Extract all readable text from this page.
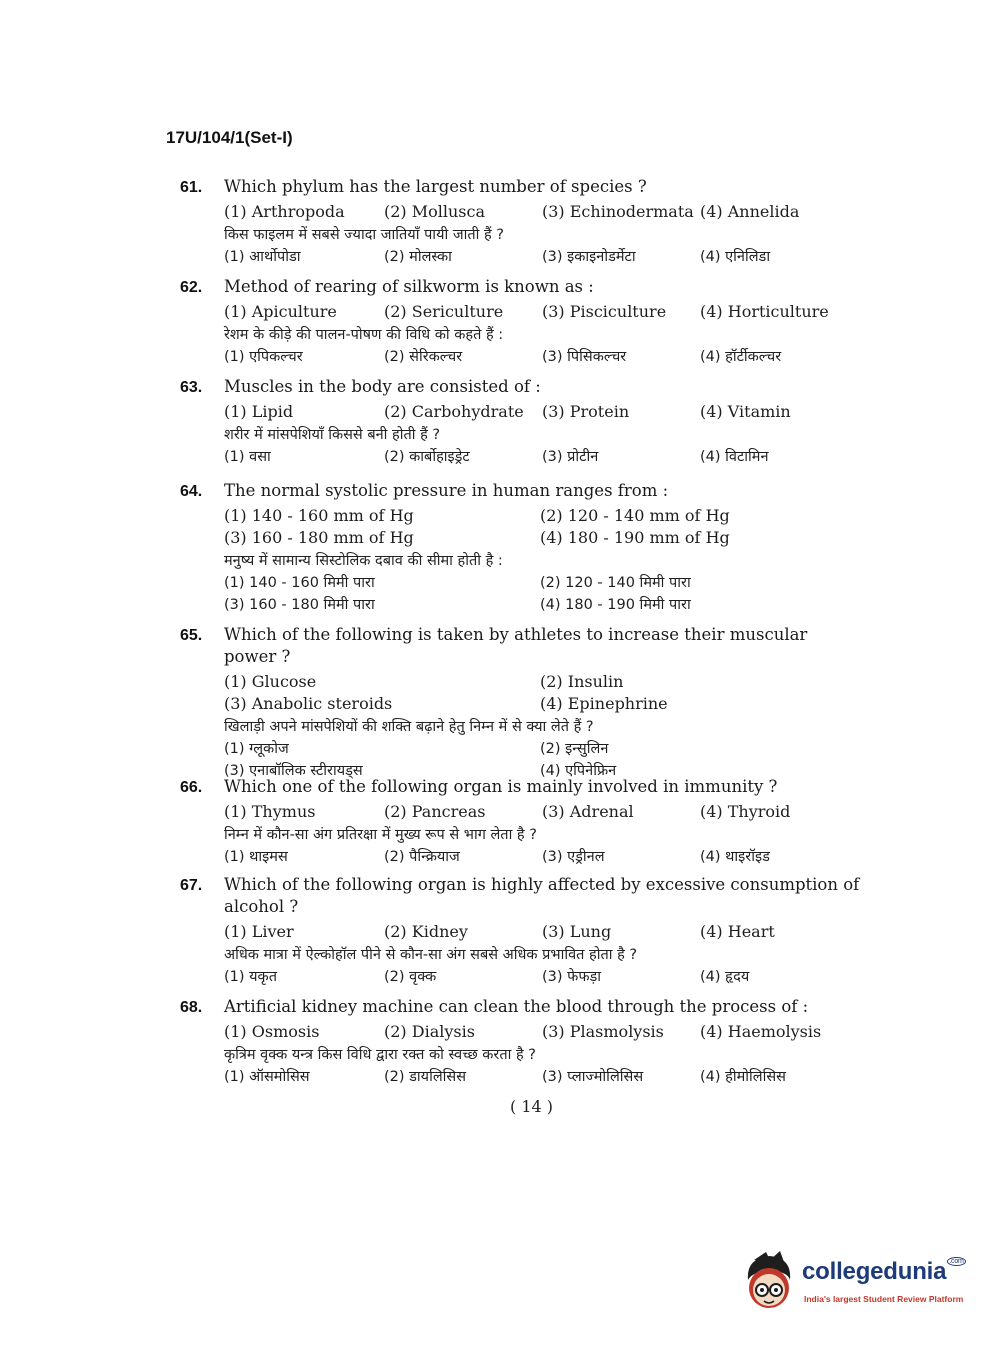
17U/104/1(Set-I)
61.	Which phylum has the largest number of species ?
(1) Arthropoda	(2) Mollusca	(3) Echinodermata (4) Annelida
किस फाइलम में सबसे ज्यादा जातियाँ पायी जाती हैं ?
(1) आर्थोपोडा	(2) मोलस्का	(3) इकाइनोडर्मेटा	(4) एनिलिडा
62.	Method of rearing of silkworm is known as :
(1) Apiculture	(2) Sericulture	(3) Pisciculture	(4) Horticulture
रेशम के कीड़े की पालन-पोषण की विधि को कहते हैं :
(1) एपिकल्चर	(2) सेरिकल्चर	(3) पिसिकल्चर	(4) हॉर्टीकल्चर
63.	Muscles in the body are consisted of :
(1) Lipid	(2) Carbohydrate	(3) Protein	(4) Vitamin
शरीर में मांसपेशियाँ किससे बनी होती हैं ?
(1) वसा	(2) कार्बोहाइड्रेट	(3) प्रोटीन	(4) विटामिन
64.	The normal systolic pressure in human ranges from :
(1) 140 - 160 mm of Hg	(2) 120 - 140 mm of Hg
(3) 160 - 180 mm of Hg	(4) 180 - 190 mm of Hg
मनुष्य में सामान्य सिस्टोलिक दबाव की सीमा होती है :
(1) 140 - 160 मिमी पारा	(2) 120 - 140 मिमी पारा
(3) 160 - 180 मिमी पारा	(4) 180 - 190 मिमी पारा
65.	Which of the following is taken by athletes to increase their muscular power ?
(1) Glucose	(2) Insulin
(3) Anabolic steroids	(4) Epinephrine
खिलाड़ी अपने मांसपेशियों की शक्ति बढ़ाने हेतु निम्न में से क्या लेते हैं ?
(1) ग्लूकोज	(2) इन्सुलिन
(3) एनाबॉलिक स्टीरायड्स	(4) एपिनेफ्रिन
66.	Which one of the following organ is mainly involved in immunity ?
(1) Thymus	(2) Pancreas	(3) Adrenal	(4) Thyroid
निम्न में कौन-सा अंग प्रतिरक्षा में मुख्य रूप से भाग लेता है ?
(1) थाइमस	(2) पैन्क्रियाज	(3) एड्रीनल	(4) थाइरॉइड
67.	Which of the following organ is highly affected by excessive consumption of alcohol ?
(1) Liver	(2) Kidney	(3) Lung	(4) Heart
अधिक मात्रा में ऐल्कोहॉल पीने से कौन-सा अंग सबसे अधिक प्रभावित होता है ?
(1) यकृत	(2) वृक्क	(3) फेफड़ा	(4) हृदय
68.	Artificial kidney machine can clean the blood through the process of :
(1) Osmosis	(2) Dialysis	(3) Plasmolysis	(4) Haemolysis
कृत्रिम वृक्क यन्त्र किस विधि द्वारा रक्त को स्वच्छ करता है ?
(1) ऑसमोसिस	(2) डायलिसिस	(3) प्लाज्मोलिसिस	(4) हीमोलिसिस
( 14 )
collegedunia $^{.com}$
India's largest Student Review Platform
